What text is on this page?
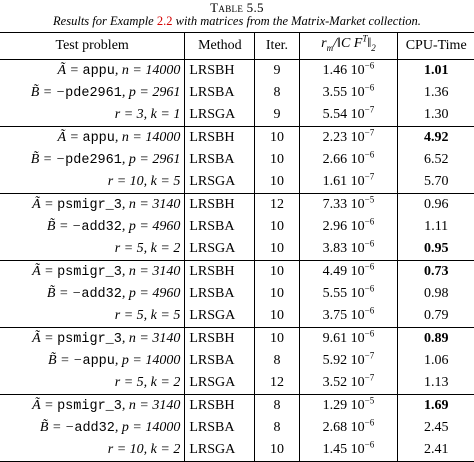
Table 5.5
Results for Example 2.2 with matrices from the Matrix-Market collection.
Test problem	Method	Iter.	$r_m/‖C$ $F^T‖_2$	CPU-Time
Ã = appu, n = 14000	LRSBH	9	1.46 $10^{-6}$	1.01
B̃ = −pde2961, p = 2961	LRSBA	8	3.55 $10^{-6}$	1.36
r = 3, k = 1	LRSGA	9	5.54 $10^{-7}$	1.30
Ã = appu, n = 14000	LRSBH	10	2.23 $10^{-7}$	4.92
B̃ = −pde2961, p = 2961	LRSBA	10	2.66 $10^{-6}$	6.52
r = 10, k = 5	LRSGA	10	1.61 $10^{-7}$	5.70
Ã = psmigr_3, n = 3140	LRSBH	12	7.33 $10^{-5}$	0.96
B̃ = −add32, p = 4960	LRSBA	10	2.96 $10^{-6}$	1.11
r = 5, k = 2	LRSGA	10	3.83 $10^{-6}$	0.95
Ã = psmigr_3, n = 3140	LRSBH	10	4.49 $10^{-6}$	0.73
B̃ = −add32, p = 4960	LRSBA	10	5.55 $10^{-6}$	0.98
r = 5, k = 5	LRSGA	10	3.75 $10^{-6}$	0.79
Ã = psmigr_3, n = 3140	LRSBH	10	9.61 $10^{-6}$	0.89
B̃ = −appu, p = 14000	LRSBA	8	5.92 $10^{-7}$	1.06
r = 5, k = 2	LRSGA	12	3.52 $10^{-7}$	1.13
Ã = psmigr_3, n = 3140	LRSBH	8	1.29 $10^{-5}$	1.69
B̃ = −add32, p = 14000	LRSBA	8	2.68 $10^{-6}$	2.45
r = 10, k = 2	LRSGA	10	1.45 $10^{-6}$	2.41
